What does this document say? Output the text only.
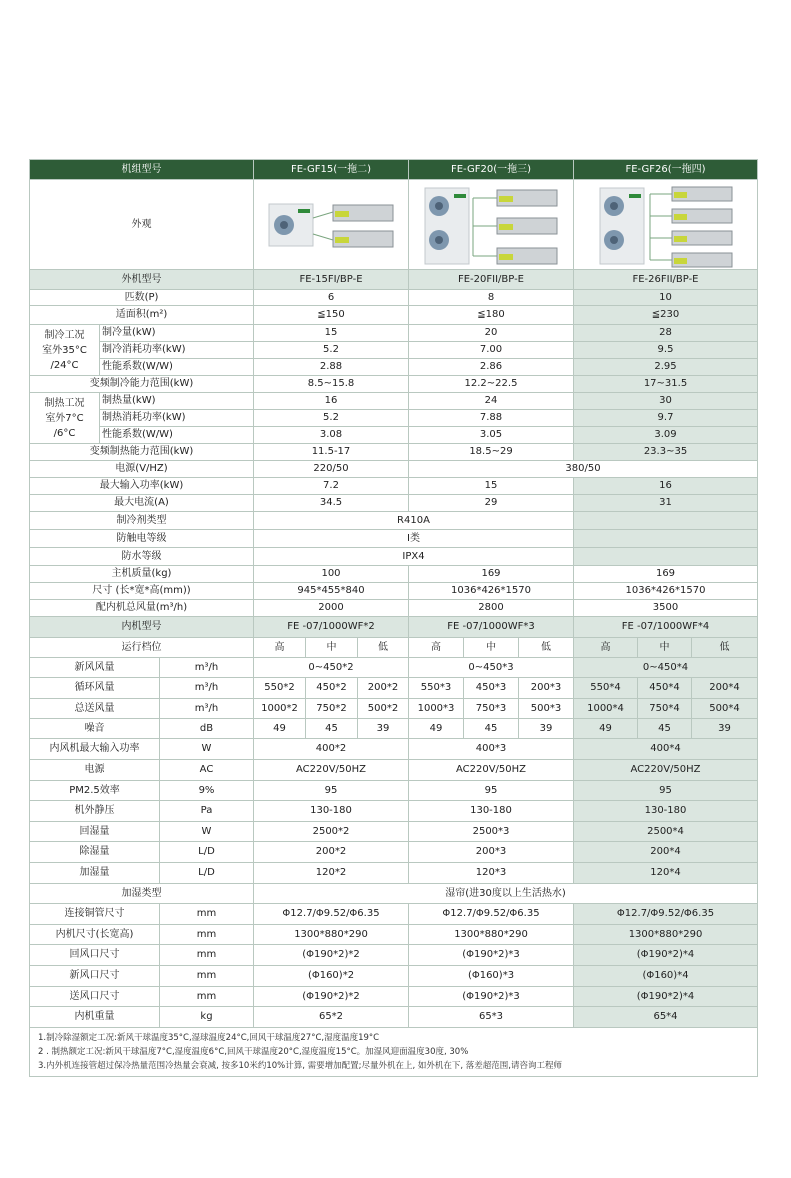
机组型号			FE-GF15(一拖二)			FE-GF20(一拖三)			FE-GF26(一拖四)		
外观	

外机型号			FE-15FI/BP-E			FE-20FII/BP-E			FE-26FII/BP-E		
匹数(P)			6			8			10		
适面积(m²)			≦150			≦180			≦230		
制冷工况
室外35°C
/24°C	制冷量(kW)		15			20			28		
	制冷消耗功率(kW)		5.2			7.00			9.5		
	性能系数(W/W)		2.88			2.86			2.95		
变频制冷能力范围(kW)			8.5~15.8			12.2~22.5			17~31.5		
制热工况
室外7°C
/6°C	制热量(kW)		16			24			30		
	制热消耗功率(kW)		5.2			7.88			9.7		
	性能系数(W/W)		3.08			3.05			3.09		
变频制热能力范围(kW)			11.5-17			18.5~29			23.3~35		
电源(V/HZ)			220/50			380/50					
最大输入功率(kW)			7.2			15			16		
最大电流(A)			34.5			29			31		
制冷剂类型			R410A								
防触电等级			I类								
防水等级			IPX4								
主机质量(kg)			100			169			169		
尺寸 (长*宽*高(mm))			945*455*840			1036*426*1570			1036*426*1570		
配内机总风量(m³/h)			2000			2800			3500		
内机型号			FE -07/1000WF*2			FE -07/1000WF*3			FE -07/1000WF*4		
运行档位			高	中	低	高	中	低	高	中	低
新风风量		m³/h	0~450*2			0~450*3			0~450*4		
循环风量		m³/h	550*2	450*2	200*2	550*3	450*3	200*3	550*4	450*4	200*4
总送风量		m³/h	1000*2	750*2	500*2	1000*3	750*3	500*3	1000*4	750*4	500*4
噪音		dB	49	45	39	49	45	39	49	45	39
内风机最大输入功率		W	400*2			400*3			400*4		
电源		AC	AC220V/50HZ			AC220V/50HZ			AC220V/50HZ		
PM2.5效率		9%	95			95			95		
机外静压		Pa	130-180			130-180			130-180		
回湿量		W	2500*2			2500*3			2500*4		
除湿量		L/D	200*2			200*3			200*4		
加湿量		L/D	120*2			120*3			120*4		
加湿类型			湿帘(进30度以上生活热水)								
连接铜管尺寸		mm	Φ12.7/Φ9.52/Φ6.35			Φ12.7/Φ9.52/Φ6.35			Φ12.7/Φ9.52/Φ6.35		
内机尺寸(长宽高)		mm	1300*880*290			1300*880*290			1300*880*290		
回风口尺寸		mm	(Φ190*2)*2			(Φ190*2)*3			(Φ190*2)*4		
新风口尺寸		mm	(Φ160)*2			(Φ160)*3			(Φ160)*4		
送风口尺寸		mm	(Φ190*2)*2			(Φ190*2)*3			(Φ190*2)*4		
内机重量		kg	65*2			65*3			65*4		

1.制冷除湿额定工况:新风干球温度35°C,湿球温度24°C,回风干球温度27°C,湿度温度19°C
2 . 制热额定工况:新风干球温度7°C,湿度温度6°C,回风干球温度20°C,湿度温度15°C。加湿风迎面温度30度, 30%
3.内外机连接管超过保冷热量范围冷热量会衰减, 按多10米约10%计算, 需要增加配置;尽量外机在上, 如外机在下, 落差超范围,请咨询工程师											
